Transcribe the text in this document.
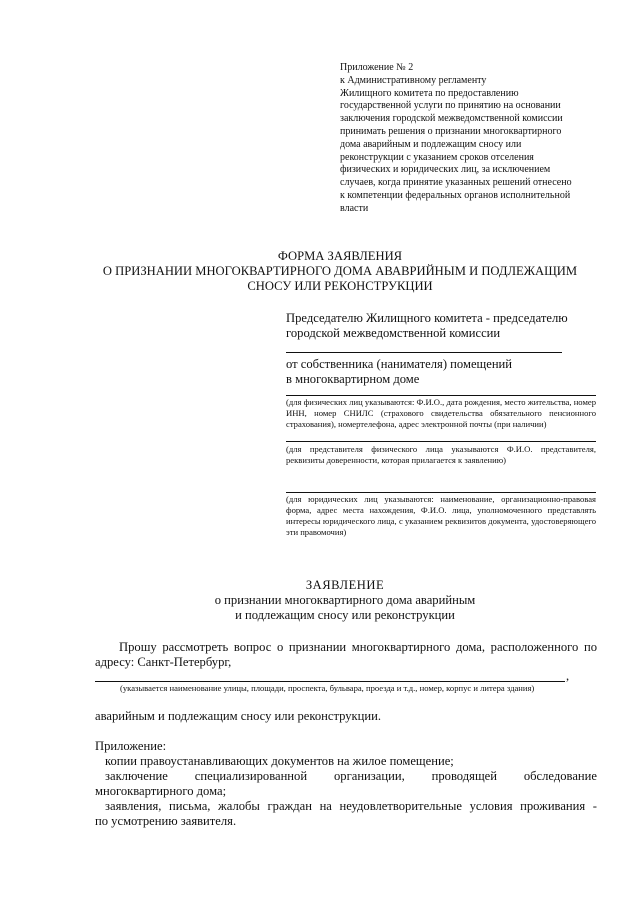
Приложение № 2
к Административному регламенту
Жилищного комитета по предоставлению
государственной услуги по принятию на основании
заключения городской межведомственной комиссии
принимать решения о признании многоквартирного
дома аварийным и подлежащим сносу или
реконструкции с указанием сроков отселения
физических и юридических лиц, за исключением
случаев, когда принятие указанных решений отнесено
к компетенции федеральных органов исполнительной
власти
ФОРМА ЗАЯВЛЕНИЯ
О ПРИЗНАНИИ МНОГОКВАРТИРНОГО ДОМА АВАВРИЙНЫМ И ПОДЛЕЖАЩИМ
СНОСУ ИЛИ РЕКОНСТРУКЦИИ
Председателю Жилищного комитета - председателю
городской межведомственной комиссии
от собственника (нанимателя) помещений
в многоквартирном доме
(для физических лиц указываются: Ф.И.О., дата рождения, место жительства, номер
ИНН, номер СНИЛС (страхового свидетельства обязательного пенсионного
страхования), номертелефона, адрес электронной почты (при наличии)
(для представителя физического лица указываются Ф.И.О. представителя,
реквизиты доверенности, которая прилагается к заявлению)
(для юридических лиц указываются: наименование, организационно-правовая
форма, адрес места нахождения, Ф.И.О. лица, уполномоченного представлять
интересы юридического лица, с указанием реквизитов документа, удостоверяющего
эти правомочия)
ЗАЯВЛЕНИЕ
о признании многоквартирного дома аварийным
и подлежащим сносу или реконструкции
Прошу рассмотреть вопрос о признании многоквартирного дома, расположенного по
адресу: Санкт-Петербург,
,
(указывается наименование улицы, площади, проспекта, бульвара, проезда и т.д., номер, корпус и литера здания)
аварийным и подлежащим сносу или реконструкции.
Приложение:
копии правоустанавливающих документов на жилое помещение;
заключение специализированной организации, проводящей обследование
многоквартирного дома;
заявления, письма, жалобы граждан на неудовлетворительные условия проживания -
по усмотрению заявителя.
